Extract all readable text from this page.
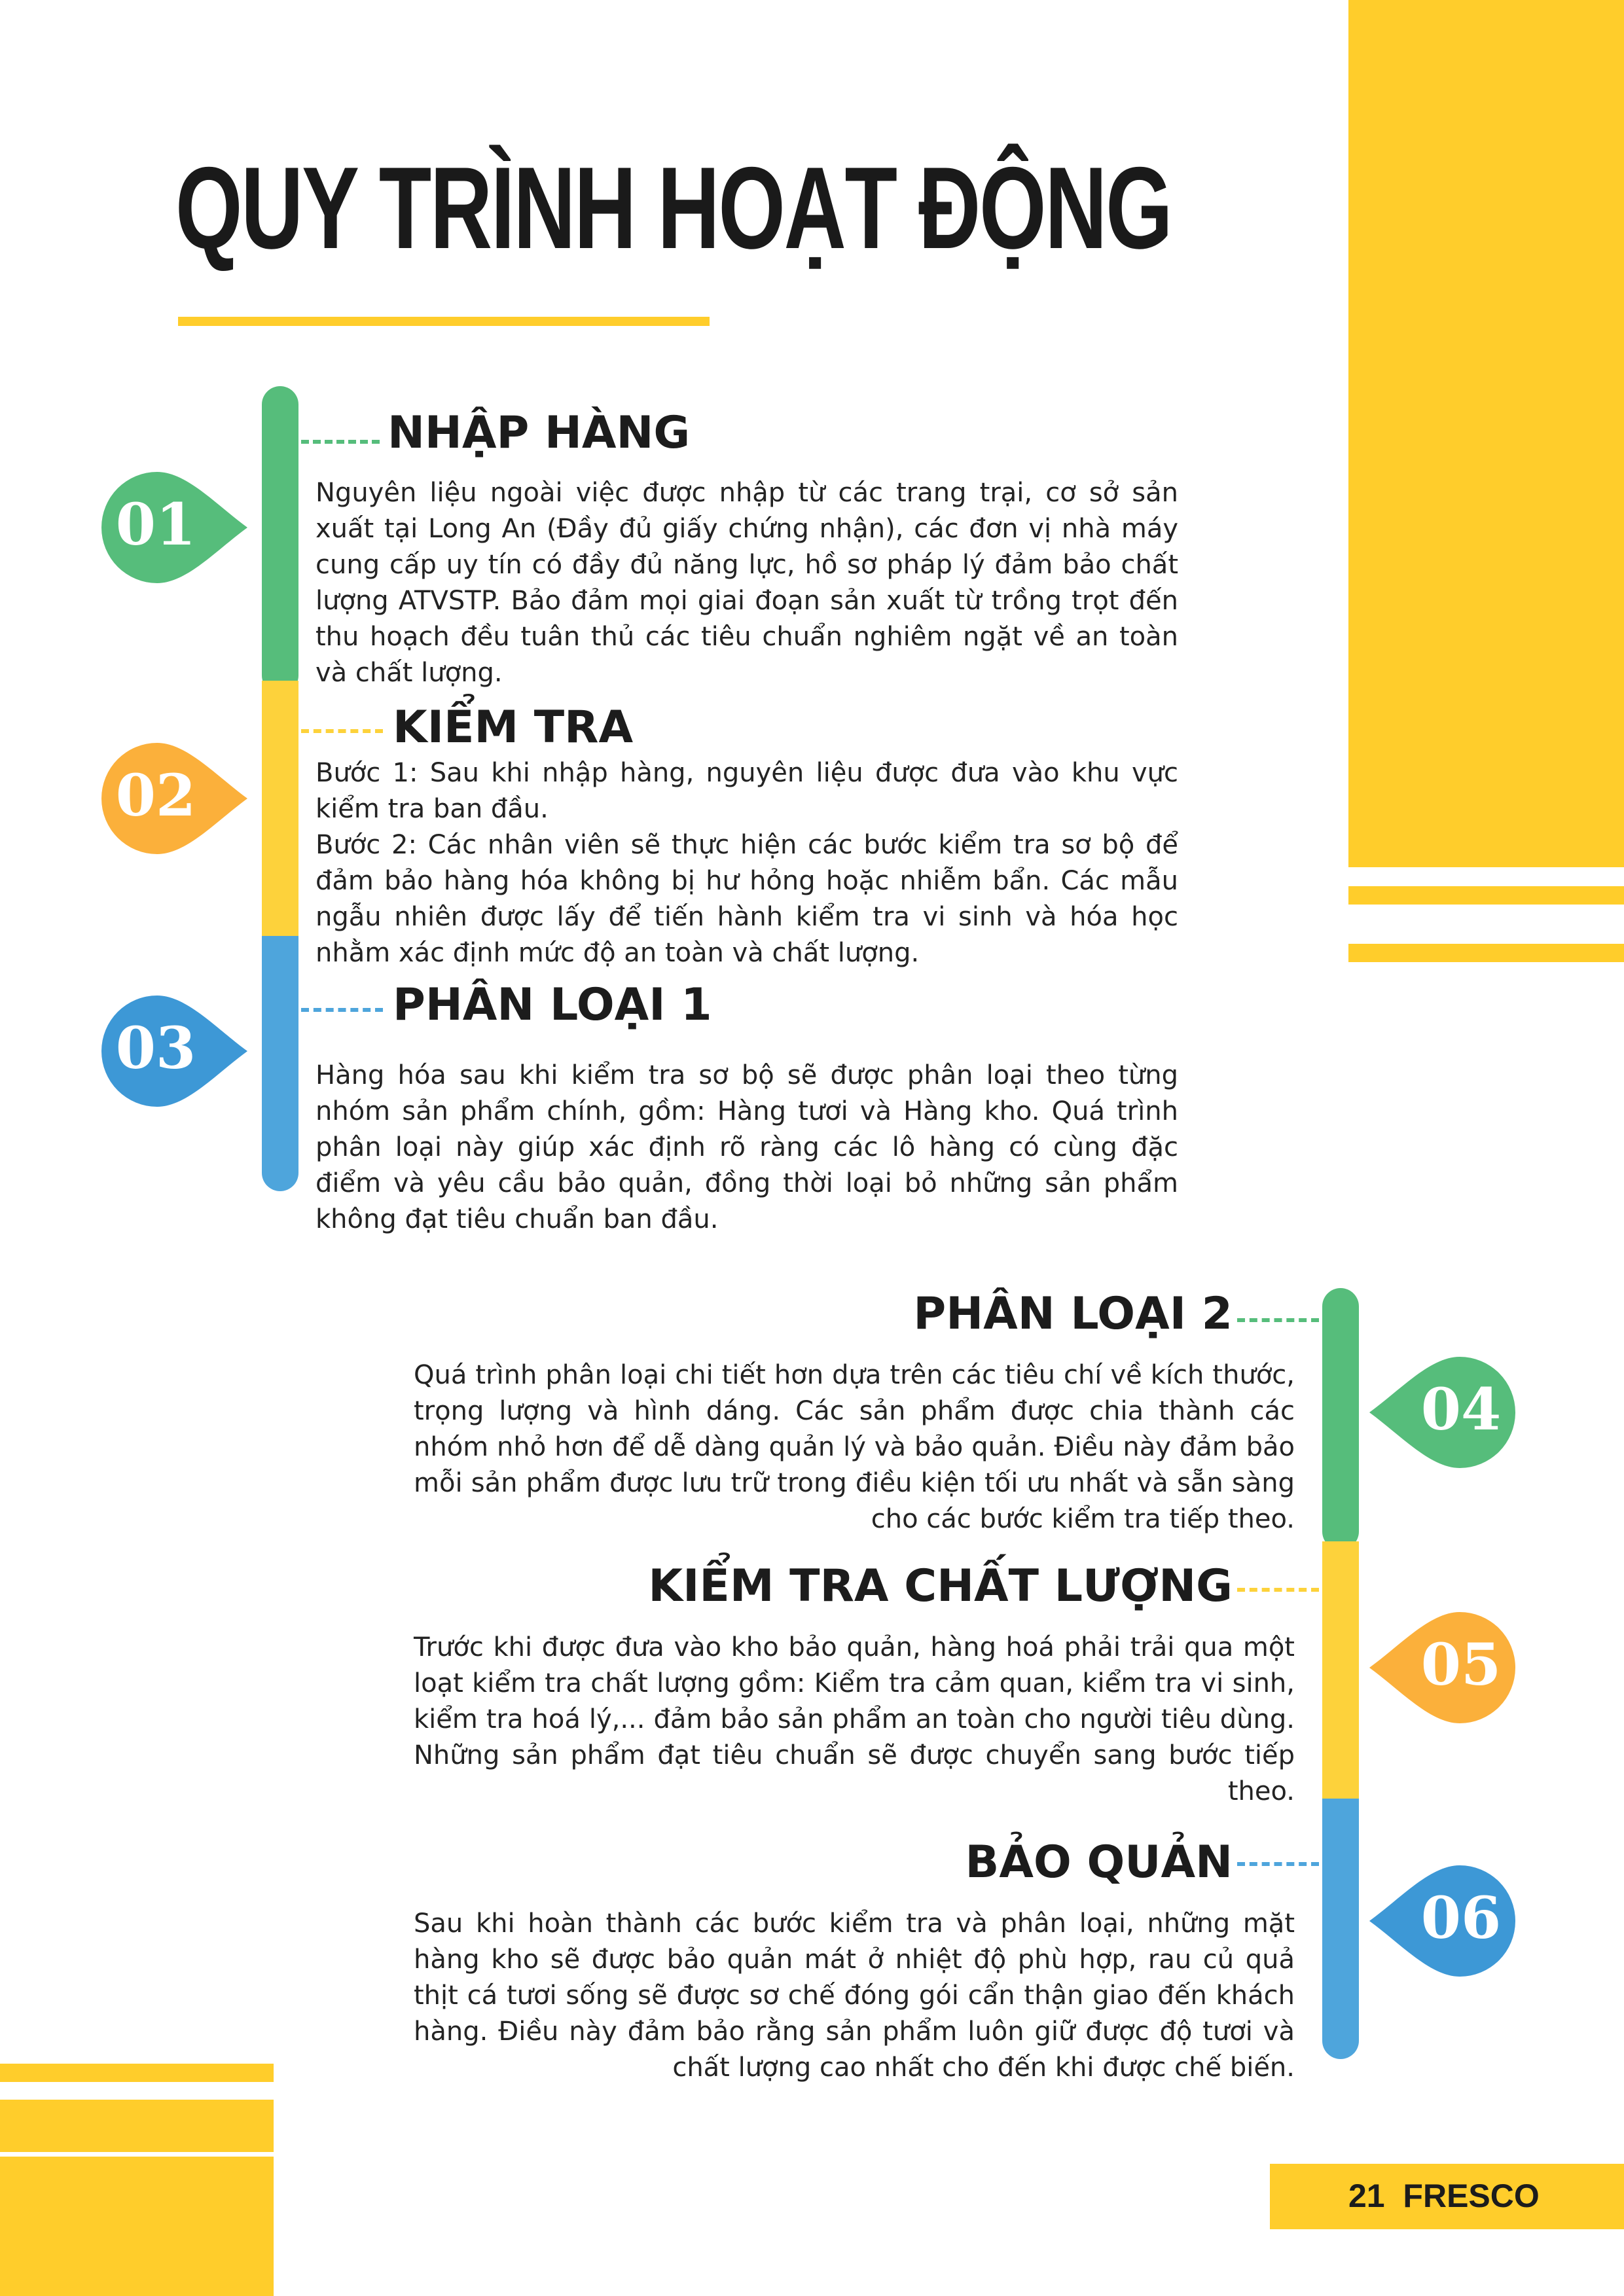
QUY TRÌNH HOẠT ĐỘNG
NHẬP HÀNG
01	Nguyên liệu ngoài việc được nhập từ các trang trại, cơ sở sản xuất tại Long An (Đầy đủ giấy chứng nhận), các đơn vị nhà máy cung cấp uy tín có đầy đủ năng lực, hồ sơ pháp lý đảm bảo chất lượng ATVSTP. Bảo đảm mọi giai đoạn sản xuất từ trồng trọt đến thu hoạch đều tuân thủ các tiêu chuẩn nghiêm ngặt về an toàn và chất lượng.

KIỂM TRA
02	Bước 1: Sau khi nhập hàng, nguyên liệu được đưa vào khu vực kiểm tra ban đầu.

Bước 2: Các nhân viên sẽ thực hiện các bước kiểm tra sơ bộ để đảm bảo hàng hóa không bị hư hỏng hoặc nhiễm bẩn. Các mẫu ngẫu nhiên được lấy để tiến hành kiểm tra vi sinh và hóa học nhằm xác định mức độ an toàn và chất lượng.

PHÂN LOẠI 1
03	Hàng hóa sau khi kiểm tra sơ bộ sẽ được phân loại theo từng nhóm sản phẩm chính, gồm: Hàng tươi và Hàng kho. Quá trình phân loại này giúp xác định rõ ràng các lô hàng có cùng đặc điểm và yêu cầu bảo quản, đồng thời loại bỏ những sản phẩm không đạt tiêu chuẩn ban đầu.

PHÂN LOẠI 2
04

Quá trình phân loại chi tiết hơn dựa trên các tiêu chí về kích thước, trọng lượng và hình dáng. Các sản phẩm được chia thành các nhóm nhỏ hơn để dễ dàng quản lý và bảo quản. Điều này đảm bảo mỗi sản phẩm được lưu trữ trong điều kiện tối ưu nhất và sẵn sàng cho các bước kiểm tra tiếp theo.

KIỂM TRA CHẤT LƯỢNG
05

Trước khi được đưa vào kho bảo quản, hàng hoá phải trải qua một loạt kiểm tra chất lượng gồm: Kiểm tra cảm quan, kiểm tra vi sinh, kiểm tra hoá lý,... đảm bảo sản phẩm an toàn cho người tiêu dùng. Những sản phẩm đạt tiêu chuẩn sẽ được chuyển sang bước tiếp theo.

BẢO QUẢN
06

Sau khi hoàn thành các bước kiểm tra và phân loại, những mặt hàng kho sẽ được bảo quản mát ở nhiệt độ phù hợp, rau củ quả thịt cá tươi sống sẽ được sơ chế đóng gói cẩn thận giao đến khách hàng. Điều này đảm bảo rằng sản phẩm luôn giữ được độ tươi và chất lượng cao nhất cho đến khi được chế biến.

21 FRESCO
